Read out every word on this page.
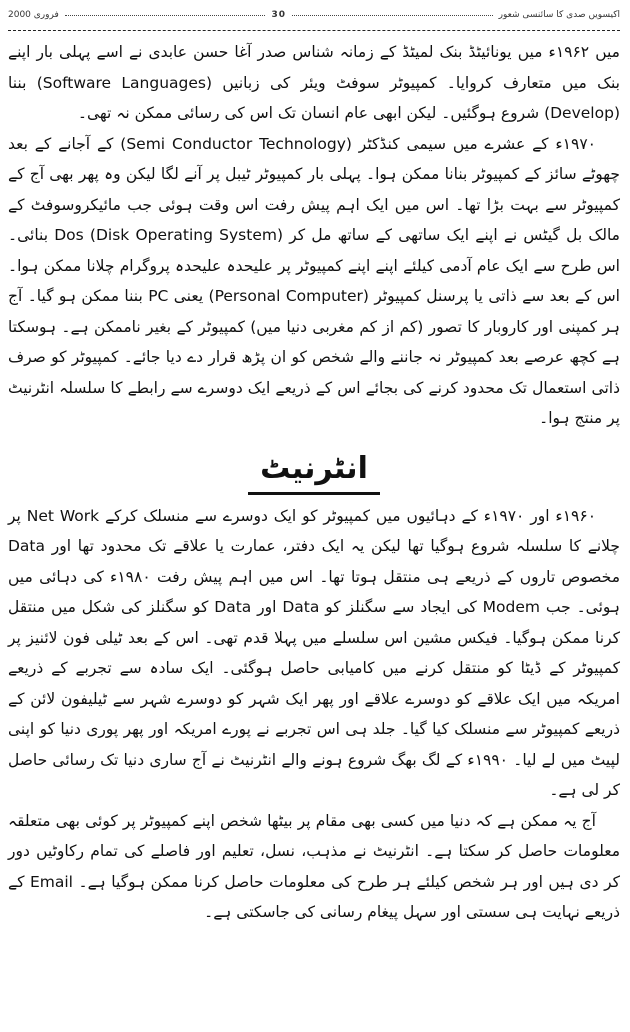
2000 فروری	30	اکیسویں صدی کا سائنسی شعور

میں ۱۹۶۲ء میں یونائیٹڈ بنک لمیٹڈ کے زمانہ شناس صدر آغا حسن عابدی نے اسے پہلی بار اپنے بنک میں متعارف کروایا۔ کمپیوٹر سوفٹ ویئر کی زبانیں (Software Languages) بننا (Develop) شروع ہوگئیں۔ لیکن ابھی عام انسان تک اس کی رسائی ممکن نہ تھی۔

۱۹۷۰ء کے عشرے میں سیمی کنڈکٹر (Semi Conductor Technology) کے آجانے کے بعد چھوٹے سائز کے کمپیوٹر بنانا ممکن ہوا۔ پہلی بار کمپیوٹر ٹیبل پر آنے لگا لیکن وہ پھر بھی آج کے کمپیوٹر سے بہت بڑا تھا۔ اس میں ایک اہم پیش رفت اس وقت ہوئی جب مائیکروسوفٹ کے مالک بل گیٹس نے اپنے ایک ساتھی کے ساتھ مل کر Dos (Disk Operating System) بنائی۔ اس طرح سے ایک عام آدمی کیلئے اپنے اپنے کمپیوٹر پر علیحدہ علیحدہ پروگرام چلانا ممکن ہوا۔ اس کے بعد سے ذاتی یا پرسنل کمپیوٹر (Personal Computer) یعنی PC بننا ممکن ہو گیا۔ آج ہر کمپنی اور کاروبار کا تصور (کم از کم مغربی دنیا میں) کمپیوٹر کے بغیر ناممکن ہے۔ ہوسکتا ہے کچھ عرصے بعد کمپیوٹر نہ جاننے والے شخص کو ان پڑھ قرار دے دیا جائے۔ کمپیوٹر کو صرف ذاتی استعمال تک محدود کرنے کی بجائے اس کے ذریعے ایک دوسرے سے رابطے کا سلسلہ انٹرنیٹ پر منتج ہوا۔

انٹرنیٹ

۱۹۶۰ء اور ۱۹۷۰ء کے دہائیوں میں کمپیوٹر کو ایک دوسرے سے منسلک کرکے Net Work پر چلانے کا سلسلہ شروع ہوگیا تھا لیکن یہ ایک دفتر، عمارت یا علاقے تک محدود تھا اور Data مخصوص تاروں کے ذریعے ہی منتقل ہوتا تھا۔ اس میں اہم پیش رفت ۱۹۸۰ء کی دہائی میں ہوئی۔ جب Modem کی ایجاد سے سگنلز کو Data اور Data کو سگنلز کی شکل میں منتقل کرنا ممکن ہوگیا۔ فیکس مشین اس سلسلے میں پہلا قدم تھی۔ اس کے بعد ٹیلی فون لائنیز پر کمپیوٹر کے ڈیٹا کو منتقل کرنے میں کامیابی حاصل ہوگئی۔ ایک سادہ سے تجربے کے ذریعے امریکہ میں ایک علاقے کو دوسرے علاقے اور پھر ایک شہر کو دوسرے شہر سے ٹیلیفون لائن کے ذریعے کمپیوٹر سے منسلک کیا گیا۔ جلد ہی اس تجربے نے پورے امریکہ اور پھر پوری دنیا کو اپنی لپیٹ میں لے لیا۔ ۱۹۹۰ء کے لگ بھگ شروع ہونے والے انٹرنیٹ نے آج ساری دنیا تک رسائی حاصل کر لی ہے۔

آج یہ ممکن ہے کہ دنیا میں کسی بھی مقام پر بیٹھا شخص اپنے کمپیوٹر پر کوئی بھی متعلقہ معلومات حاصل کر سکتا ہے۔ انٹرنیٹ نے مذہب، نسل، تعلیم اور فاصلے کی تمام رکاوٹیں دور کر دی ہیں اور ہر شخص کیلئے ہر طرح کی معلومات حاصل کرنا ممکن ہوگیا ہے۔ Email کے ذریعے نہایت ہی سستی اور سہل پیغام رسانی کی جاسکتی ہے۔
